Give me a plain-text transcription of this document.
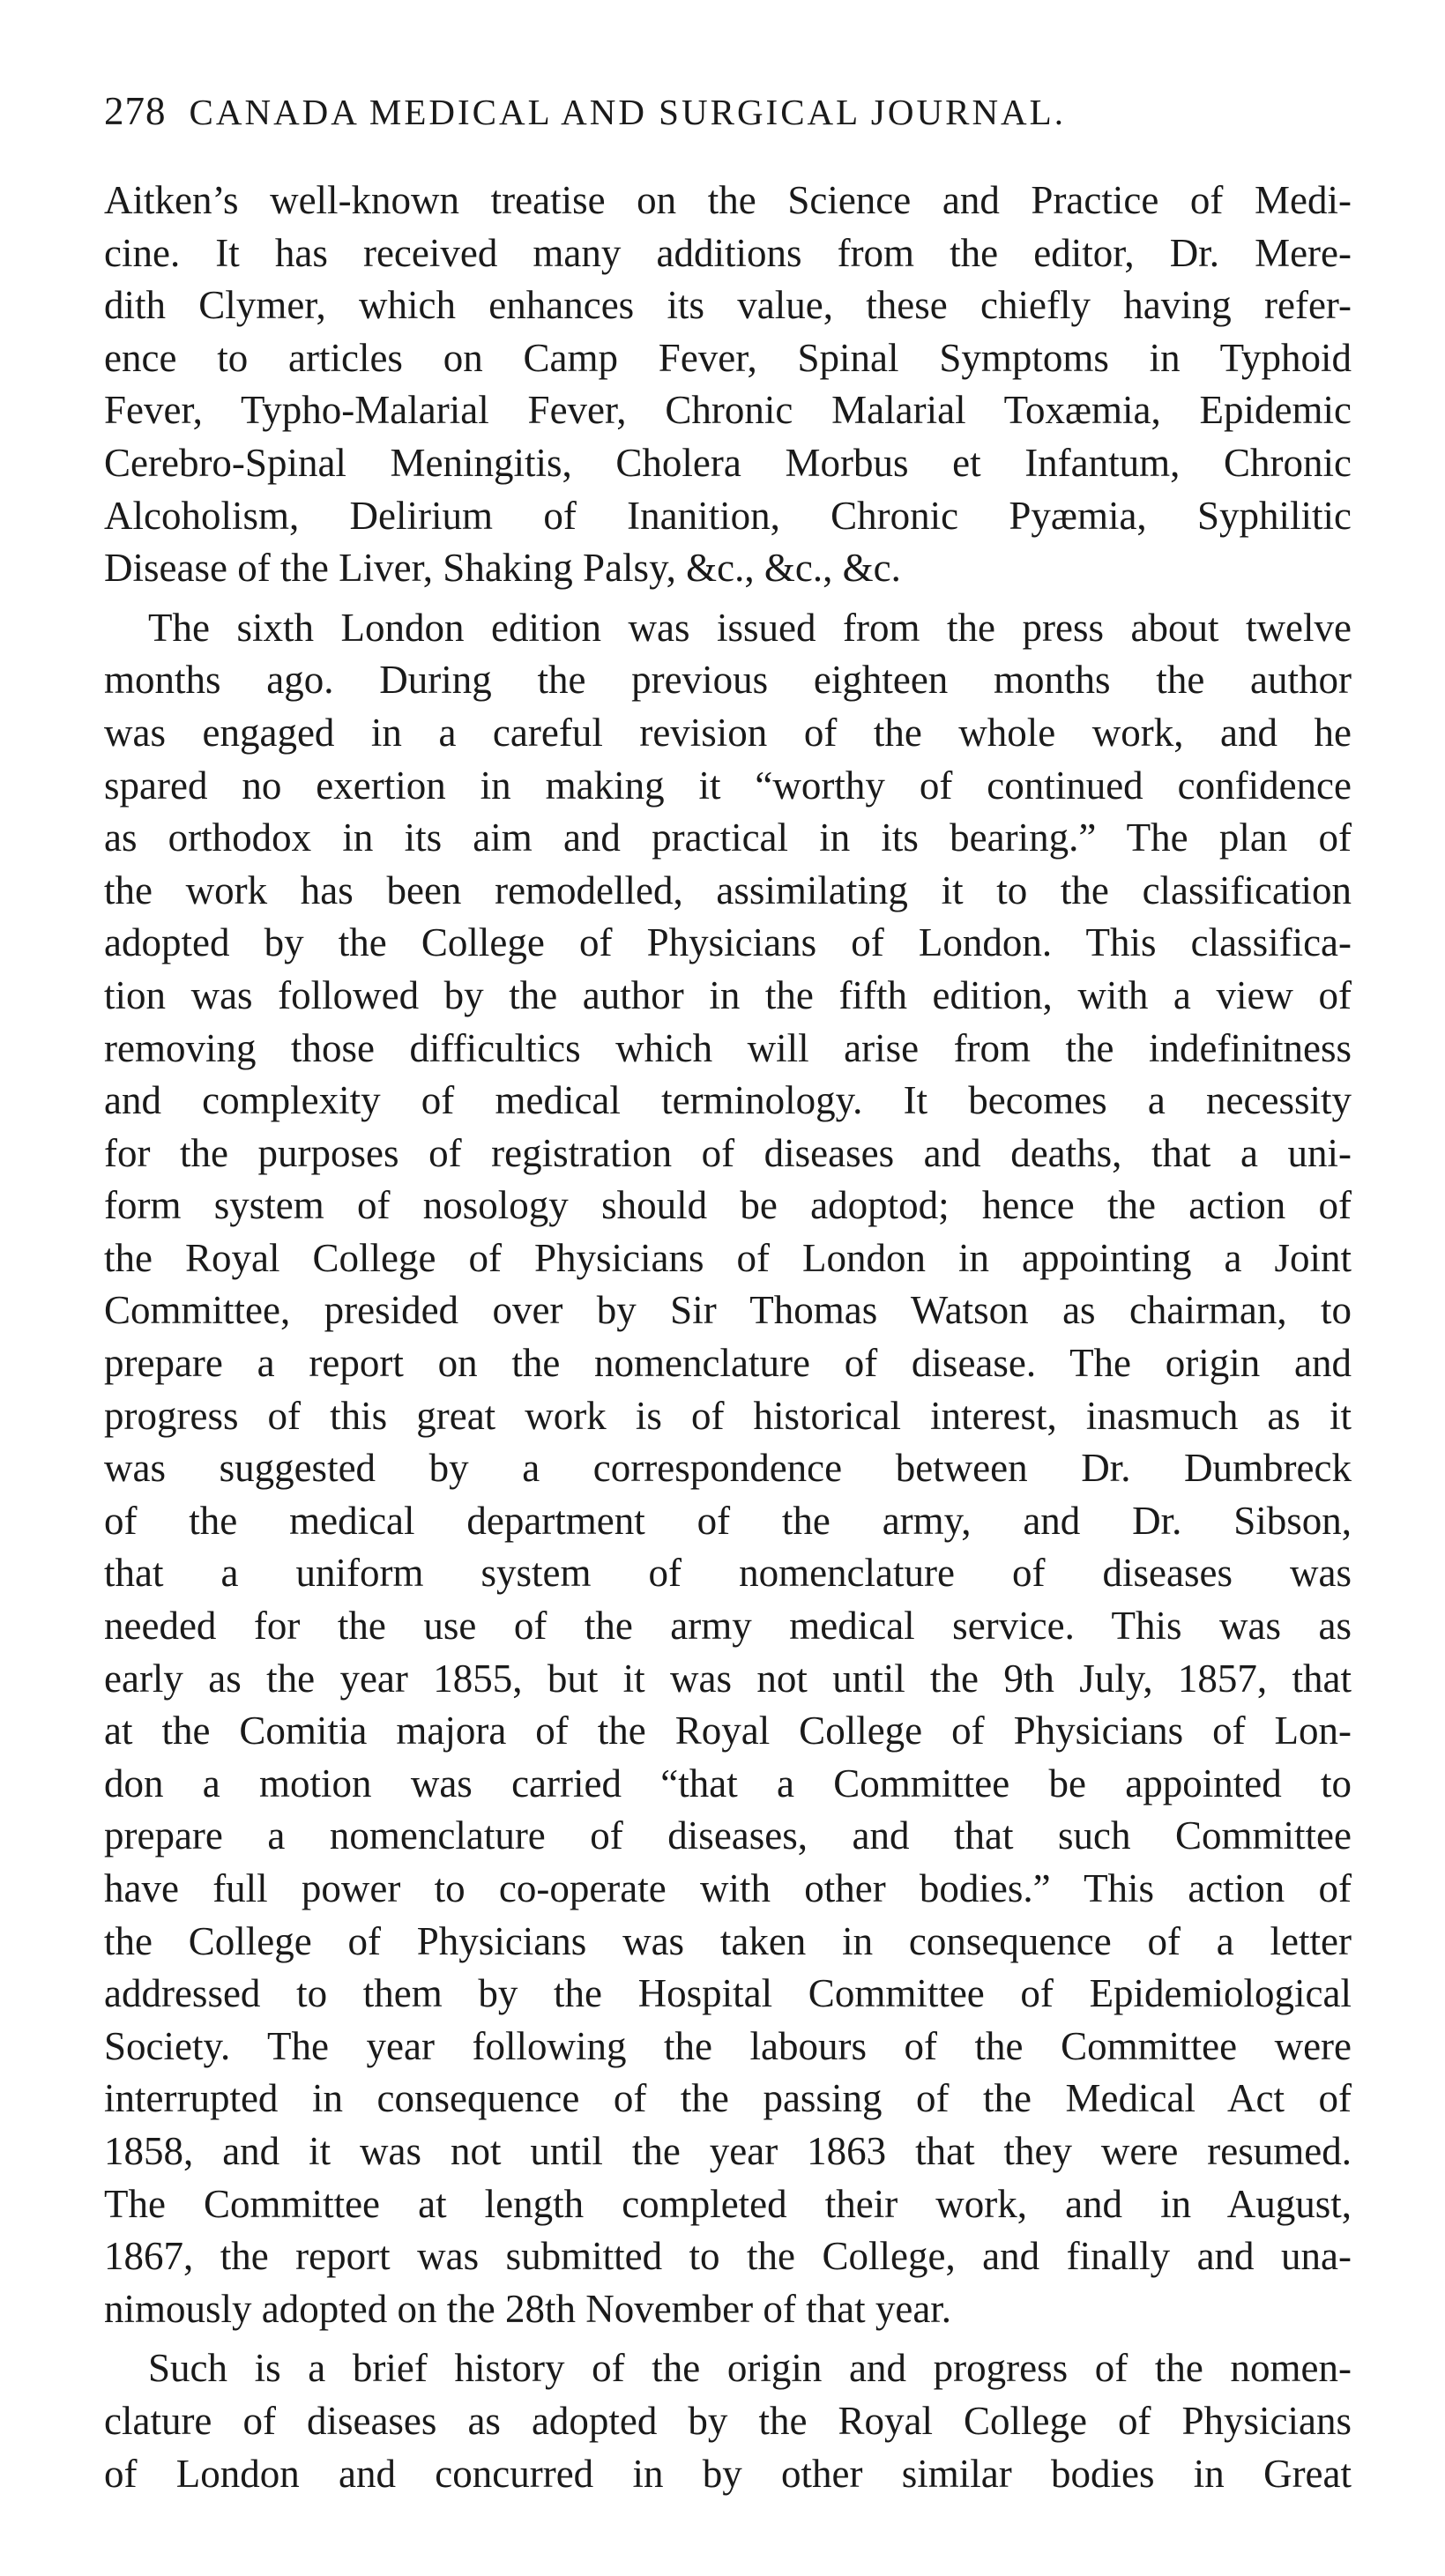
278 CANADA MEDICAL AND SURGICAL JOURNAL.
Aitken’s well-known treatise on the Science and Practice of Medi-
cine. It has received many additions from the editor, Dr. Mere-
dith Clymer, which enhances its value, these chiefly having refer-
ence to articles on Camp Fever, Spinal Symptoms in Typhoid
Fever, Typho-Malarial Fever, Chronic Malarial Toxæmia, Epidemic
Cerebro-Spinal Meningitis, Cholera Morbus et Infantum, Chronic
Alcoholism, Delirium of Inanition, Chronic Pyæmia, Syphilitic
Disease of the Liver, Shaking Palsy, &c., &c., &c.
The sixth London edition was issued from the press about twelve
months ago. During the previous eighteen months the author
was engaged in a careful revision of the whole work, and he
spared no exertion in making it “worthy of continued confidence
as orthodox in its aim and practical in its bearing.” The plan of
the work has been remodelled, assimilating it to the classification
adopted by the College of Physicians of London. This classifica-
tion was followed by the author in the fifth edition, with a view of
removing those difficultics which will arise from the indefinitness
and complexity of medical terminology. It becomes a necessity
for the purposes of registration of diseases and deaths, that a uni-
form system of nosology should be adoptod; hence the action of
the Royal College of Physicians of London in appointing a Joint
Committee, presided over by Sir Thomas Watson as chairman, to
prepare a report on the nomenclature of disease. The origin and
progress of this great work is of historical interest, inasmuch as it
was suggested by a correspondence between Dr. Dumbreck
of the medical department of the army, and Dr. Sibson,
that a uniform system of nomenclature of diseases was
needed for the use of the army medical service. This was as
early as the year 1855, but it was not until the 9th July, 1857, that
at the Comitia majora of the Royal College of Physicians of Lon-
don a motion was carried “that a Committee be appointed to
prepare a nomenclature of diseases, and that such Committee
have full power to co-operate with other bodies.” This action of
the College of Physicians was taken in consequence of a letter
addressed to them by the Hospital Committee of Epidemiological
Society. The year following the labours of the Committee were
interrupted in consequence of the passing of the Medical Act of
1858, and it was not until the year 1863 that they were resumed.
The Committee at length completed their work, and in August,
1867, the report was submitted to the College, and finally and una-
nimously adopted on the 28th November of that year.
Such is a brief history of the origin and progress of the nomen-
clature of diseases as adopted by the Royal College of Physicians
of London and concurred in by other similar bodies in Great
